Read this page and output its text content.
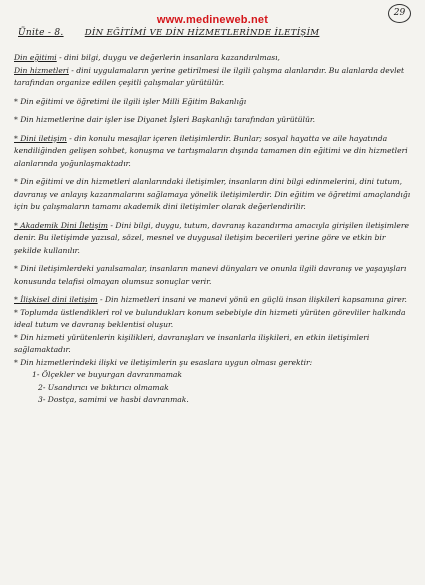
www.medineweb.net
29
Ünite - 8. DİN EĞİTİMİ VE DİN HİZMETLERİNDE İLETİŞİM

Din eğitimi - dini bilgi, duygu ve değerlerin insanlara kazandırılması,

Din hizmetleri - dini uygulamaların yerine getirilmesi ile ilgili çalışma alanlarıdır. Bu alanlarda devlet tarafından organize edilen çeşitli çalışmalar yürütülür.

* Din eğitimi ve öğretimi ile ilgili işler Milli Eğitim Bakanlığı

* Din hizmetlerine dair işler ise Diyanet İşleri Başkanlığı tarafından yürütülür.

* Dini iletişim - din konulu mesajlar içeren iletişimlerdir. Bunlar; sosyal hayatta ve aile hayatında kendiliğinden gelişen sohbet, konuşma ve tartışmaların dışında tamamen din eğitimi ve din hizmetleri alanlarında yoğunlaşmaktadır.

* Din eğitimi ve din hizmetleri alanlarındaki iletişimler, insanların dini bilgi edinmelerini, dini tutum, davranış ve anlayış kazanmalarını sağlamaya yönelik iletişimlerdir. Din eğitim ve öğretimi amaçlandığı için bu çalışmaların tamamı akademik dini iletişimler olarak değerlendirilir.

* Akademik Dini İletişim - Dini bilgi, duygu, tutum, davranış kazandırma amacıyla girişilen iletişimlere denir. Bu iletişimde yazısal, sözel, mesnel ve duygusal iletişim becerileri yerine göre ve etkin bir şekilde kullanılır.

* Dini iletişimlerdeki yanılsamalar, insanların manevi dünyaları ve onunla ilgili davranış ve yaşayışları konusunda telafisi olmayan olumsuz sonuçlar verir.

* İlişkisel dini iletişim - Din hizmetleri insani ve manevi yönü en güçlü insan ilişkileri kapsamına girer.

* Toplumda üstlendikleri rol ve bulundukları konum sebebiyle din hizmeti yürüten görevliler halkında ideal tutum ve davranış beklentisi oluşur.

* Din hizmeti yürütenlerin kişilikleri, davranışları ve insanlarla ilişkileri, en etkin iletişimleri sağlamaktadır.

* Din hizmetlerindeki ilişki ve iletişimlerin şu esaslara uygun olması gerektir:

1- Ölçekler ve buyurgan davranmamak

2- Usandırıcı ve bıktırıcı olmamak

3- Dostça, samimi ve hasbi davranmak.
